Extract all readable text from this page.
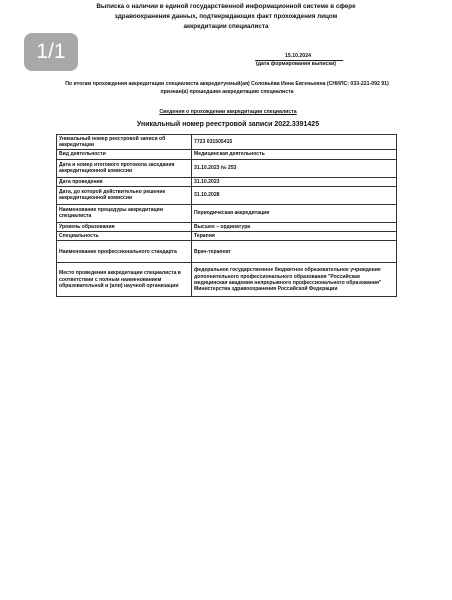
1/1
Выписка о наличии в единой государственной информационной системе в сфере здравоохранения данных, подтверждающих факт прохождения лицом аккредитации специалиста
15.10.2024
(дата формирования выписки)
По итогам прохождения аккредитации специалиста аккредитуемый(ая) Соловьёва Инна Евгеньевна (СНИЛС: 033-221-092 91) признан(а) прошедшим аккредитацию специалиста
Сведения о прохождении аккредитации специалиста
Уникальный номер реестровой записи 2022.3391425
Уникальный номер реестровой записи об аккредитации	7723 031505415
Вид деятельности	Медицинская деятельность
Дата и номер итогового протокола заседания аккредитационной комиссии	31.10.2023 № 253
Дата проведения	31.10.2023
Дата, до которой действительно решение аккредитационной комиссии	31.10.2028
Наименование процедуры аккредитации специалиста	Периодическая аккредитация
Уровень образования	Высшее – ординатура
Специальность	Терапия
Наименование профессионального стандарта	Врач-терапевт
Место проведения аккредитации специалиста в соответствии с полным наименованием образовательной и (или) научной организации	федеральное государственное бюджетное образовательное учреждение дополнительного профессионального образования "Российская медицинская академия непрерывного профессионального образования" Министерства здравоохранения Российской Федерации
